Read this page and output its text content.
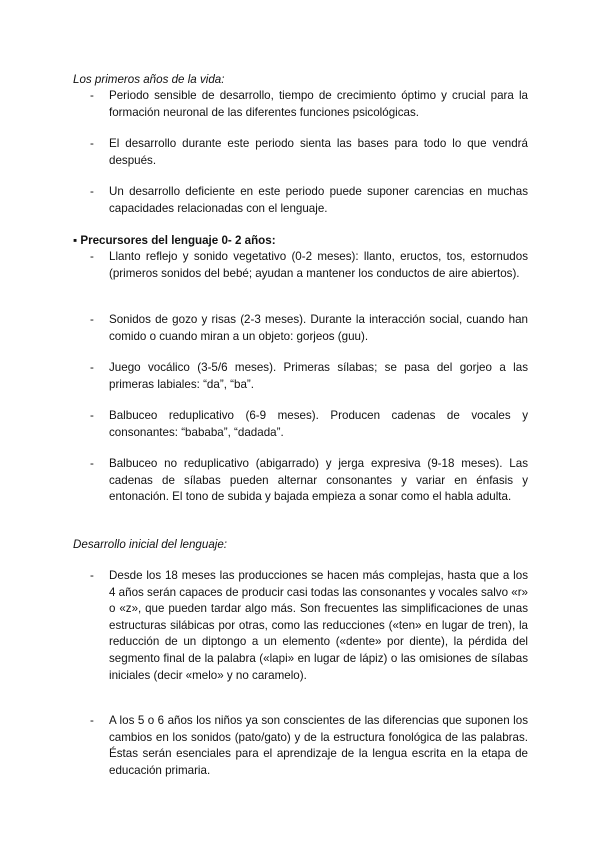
Los primeros años de la vida:
-	Periodo sensible de desarrollo, tiempo de crecimiento óptimo y crucial para la formación neuronal de las diferentes funciones psicológicas.
-	El desarrollo durante este periodo sienta las bases para todo lo que vendrá después.
-	Un desarrollo deficiente en este periodo puede suponer carencias en muchas capacidades relacionadas con el lenguaje.
▪ Precursores del lenguaje 0- 2 años:
-	Llanto reflejo y sonido vegetativo (0-2 meses): llanto, eructos, tos, estornudos (primeros sonidos del bebé; ayudan a mantener los conductos de aire abiertos).
-	Sonidos de gozo y risas (2-3 meses). Durante la interacción social, cuando han comido o cuando miran a un objeto: gorjeos (guu).
-	Juego vocálico (3-5/6 meses). Primeras sílabas; se pasa del gorjeo a las primeras labiales: “da”, “ba”.
-	Balbuceo reduplicativo (6-9 meses). Producen cadenas de vocales y consonantes: “bababa”, “dadada”.
-	Balbuceo no reduplicativo (abigarrado) y jerga expresiva (9-18 meses). Las cadenas de sílabas pueden alternar consonantes y variar en énfasis y entonación. El tono de subida y bajada empieza a sonar como el habla adulta.
Desarrollo inicial del lenguaje:
-	Desde los 18 meses las producciones se hacen más complejas, hasta que a los 4 años serán capaces de producir casi todas las consonantes y vocales salvo «r» o «z», que pueden tardar algo más. Son frecuentes las simplificaciones de unas estructuras silábicas por otras, como las reducciones («ten» en lugar de tren), la reducción de un diptongo a un elemento («dente» por diente), la pérdida del segmento final de la palabra («lapi» en lugar de lápiz) o las omisiones de sílabas iniciales (decir «melo» y no caramelo).
-	A los 5 o 6 años los niños ya son conscientes de las diferencias que suponen los cambios en los sonidos (pato/gato) y de la estructura fonológica de las palabras. Éstas serán esenciales para el aprendizaje de la lengua escrita en la etapa de educación primaria.
